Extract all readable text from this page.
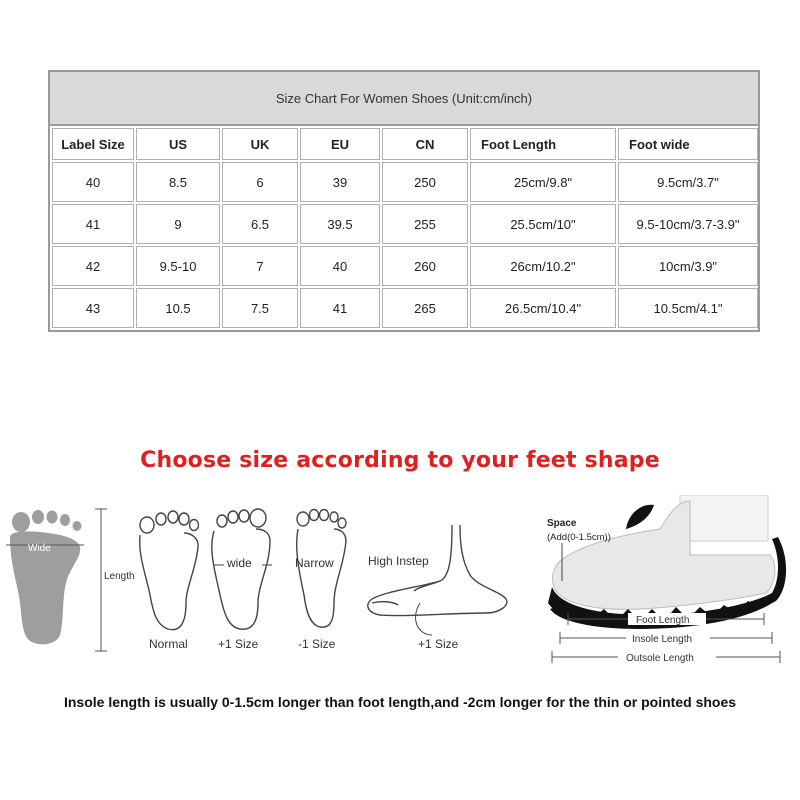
Size Chart For Women Shoes (Unit:cm/inch)
Label Size	US	UK	EU	CN	Foot Length	Foot wide
40	8.5	6	39	250	25cm/9.8"	9.5cm/3.7"
41	9	6.5	39.5	255	25.5cm/10"	9.5-10cm/3.7-3.9"
42	9.5-10	7	40	260	26cm/10.2"	10cm/3.9"
43	10.5	7.5	41	265	26.5cm/10.4"	10.5cm/4.1"
Choose size according to your feet shape
Wide
Length
Normal
wide
+1 Size
Narrow
-1 Size
High Instep
+1 Size
Space
(Add(0-1.5cm))
Foot Length
Insole Length
Outsole Length
Insole length is usually 0-1.5cm longer than foot length,and -2cm longer for the thin or pointed shoes
